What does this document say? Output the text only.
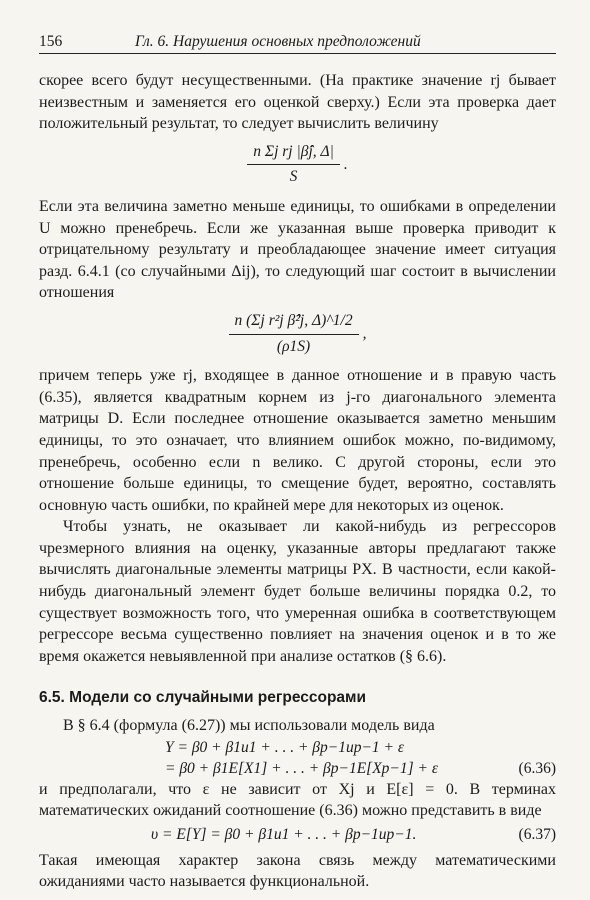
156	Гл. 6. Нарушения основных предположений

скорее всего будут несущественными. (На практике значение rj бывает неизвестным и заменяется его оценкой сверху.) Если эта проверка дает положительный результат, то следует вычислить величину

$\frac{\text{n Σj rj |β̂j, Δ|}}{S}$ .

Если эта величина заметно меньше единицы, то ошибками в определении U можно пренебречь. Если же указанная выше проверка приводит к отрицательному результату и преобладающее значение имеет ситуация разд. 6.4.1 (со случайными Δij), то следующий шаг состоит в вычислении отношения

$\frac{\text{n (Σj r²j β̂²j, Δ)\textasciicircum{}1/2}}{(\rho 1S)}$ ,

причем теперь уже rj, входящее в данное отношение и в правую часть (6.35), является квадратным корнем из j-го диагонального элемента матрицы D. Если последнее отношение оказывается заметно меньшим единицы, то это означает, что влиянием ошибок можно, по-видимому, пренебречь, особенно если n велико. С другой стороны, если это отношение больше единицы, то смещение будет, вероятно, составлять основную часть ошибки, по крайней мере для некоторых из оценок.

Чтобы узнать, не оказывает ли какой-нибудь из регрессоров чрезмерного влияния на оценку, указанные авторы предлагают также вычислять диагональные элементы матрицы PX. В частности, если какой-нибудь диагональный элемент будет больше величины порядка 0.2, то существует возможность того, что умеренная ошибка в соответствующем регрессоре весьма существенно повлияет на значения оценок и в то же время окажется невыявленной при анализе остатков (§ 6.6).

6.5. Модели со случайными регрессорами

В § 6.4 (формула (6.27)) мы использовали модель вида

Y = β0 + β1u1 + . . . + βp−1up−1 + ε
= β0 + β1E[X1] + . . . + βp−1E[Xp−1] + ε	(6.36)

и предполагали, что ε не зависит от Xj и E[ε] = 0. В терминах математических ожиданий соотношение (6.36) можно представить в виде

υ = E[Y] = β0 + β1u1 + . . . + βp−1up−1.	(6.37)

Такая имеющая характер закона связь между математическими ожиданиями часто называется функциональной.
